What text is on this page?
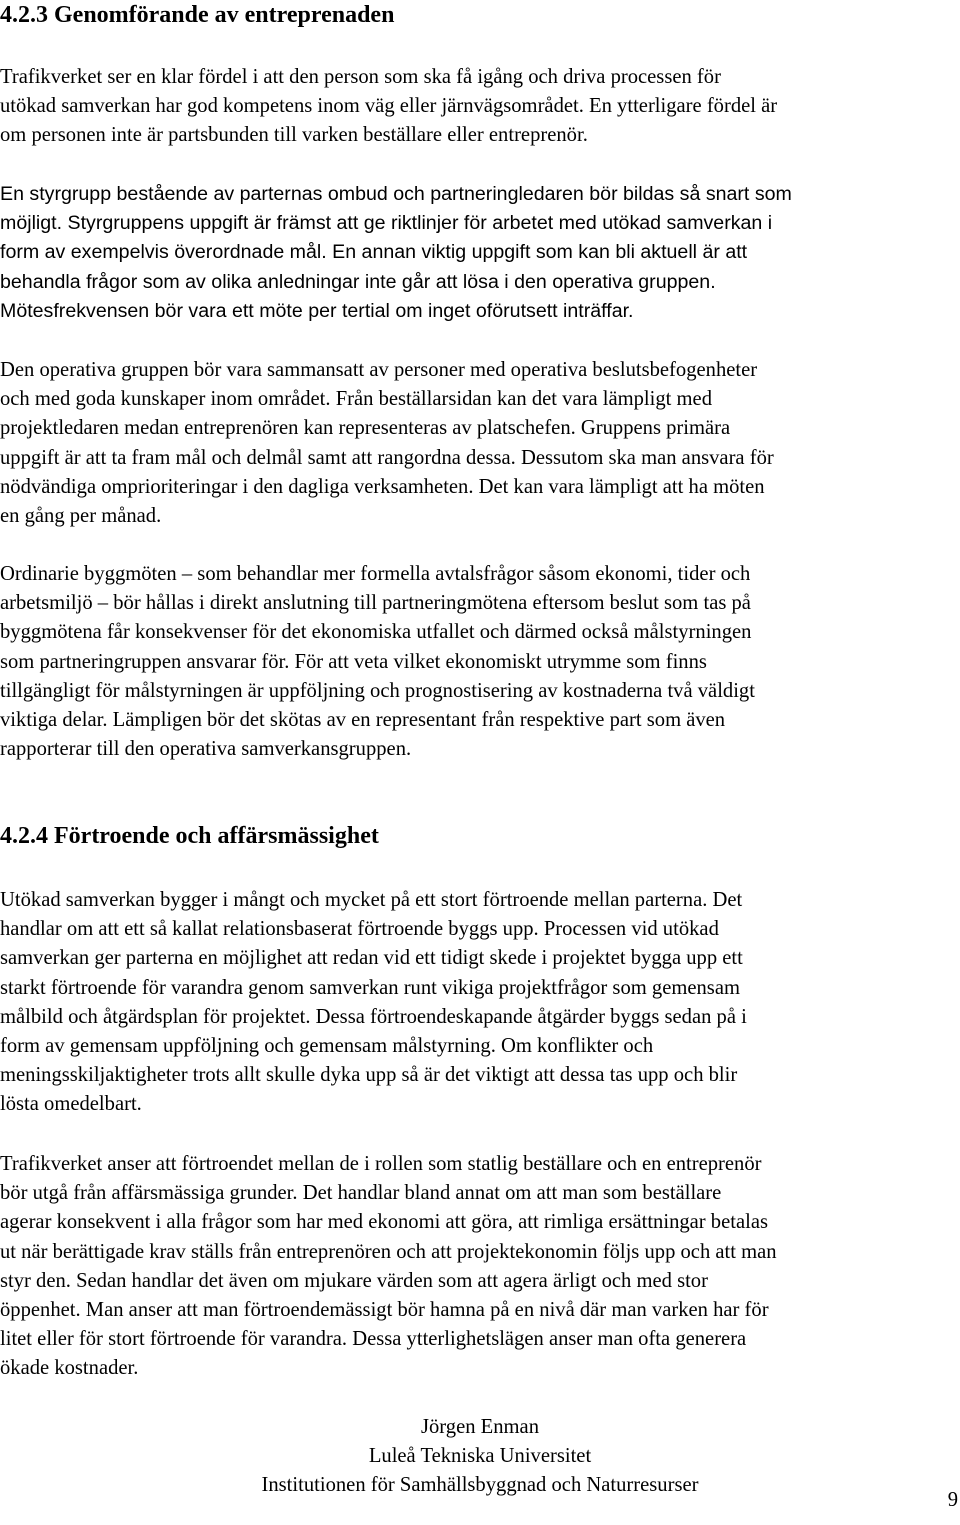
4.2.3 Genomförande av entreprenaden

Trafikverket ser en klar fördel i att den person som ska få igång och driva processen för
utökad samverkan har god kompetens inom väg eller järnvägsområdet. En ytterligare fördel är
om personen inte är partsbunden till varken beställare eller entreprenör.

En styrgrupp bestående av parternas ombud och partneringledaren bör bildas så snart som
möjligt. Styrgruppens uppgift är främst att ge riktlinjer för arbetet med utökad samverkan i
form av exempelvis överordnade mål. En annan viktig uppgift som kan bli aktuell är att
behandla frågor som av olika anledningar inte går att lösa i den operativa gruppen.
Mötesfrekvensen bör vara ett möte per tertial om inget oförutsett inträffar.

Den operativa gruppen bör vara sammansatt av personer med operativa beslutsbefogenheter
och med goda kunskaper inom området. Från beställarsidan kan det vara lämpligt med
projektledaren medan entreprenören kan representeras av platschefen. Gruppens primära
uppgift är att ta fram mål och delmål samt att rangordna dessa. Dessutom ska man ansvara för
nödvändiga omprioriteringar i den dagliga verksamheten. Det kan vara lämpligt att ha möten
en gång per månad.

Ordinarie byggmöten – som behandlar mer formella avtalsfrågor såsom ekonomi, tider och
arbetsmiljö – bör hållas i direkt anslutning till partneringmötena eftersom beslut som tas på
byggmötena får konsekvenser för det ekonomiska utfallet och därmed också målstyrningen
som partneringruppen ansvarar för. För att veta vilket ekonomiskt utrymme som finns
tillgängligt för målstyrningen är uppföljning och prognostisering av kostnaderna två väldigt
viktiga delar. Lämpligen bör det skötas av en representant från respektive part som även
rapporterar till den operativa samverkansgruppen.

4.2.4 Förtroende och affärsmässighet

Utökad samverkan bygger i mångt och mycket på ett stort förtroende mellan parterna. Det
handlar om att ett så kallat relationsbaserat förtroende byggs upp. Processen vid utökad
samverkan ger parterna en möjlighet att redan vid ett tidigt skede i projektet bygga upp ett
starkt förtroende för varandra genom samverkan runt vikiga projektfrågor som gemensam
målbild och åtgärdsplan för projektet. Dessa förtroendeskapande åtgärder byggs sedan på i
form av gemensam uppföljning och gemensam målstyrning. Om konflikter och
meningsskiljaktigheter trots allt skulle dyka upp så är det viktigt att dessa tas upp och blir
lösta omedelbart.

Trafikverket anser att förtroendet mellan de i rollen som statlig beställare och en entreprenör
bör utgå från affärsmässiga grunder. Det handlar bland annat om att man som beställare
agerar konsekvent i alla frågor som har med ekonomi att göra, att rimliga ersättningar betalas
ut när berättigade krav ställs från entreprenören och att projektekonomin följs upp och att man
styr den. Sedan handlar det även om mjukare värden som att agera ärligt och med stor
öppenhet. Man anser att man förtroendemässigt bör hamna på en nivå där man varken har för
litet eller för stort förtroende för varandra. Dessa ytterlighetslägen anser man ofta generera
ökade kostnader.

Jörgen Enman
Luleå Tekniska Universitet
Institutionen för Samhällsbyggnad och Naturresurser
9
